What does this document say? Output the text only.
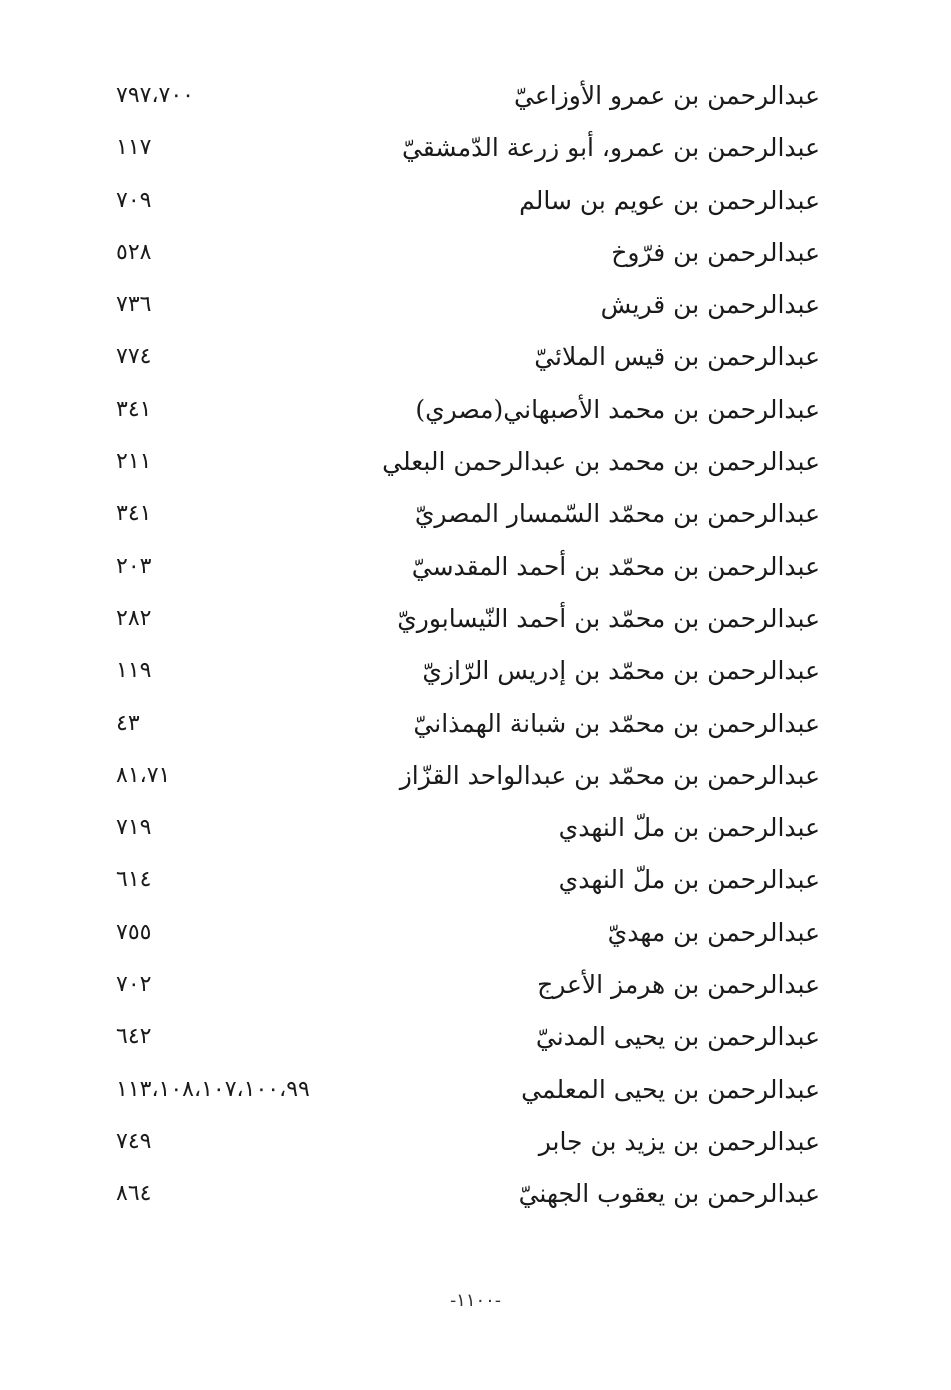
عبدالرحمن بن عمرو الأوزاعيّ
٧٩٧،٧٠٠
عبدالرحمن بن عمرو، أبو زرعة الدّمشقيّ
١١٧
عبدالرحمن بن عويم بن سالم
٧٠٩
عبدالرحمن بن فرّوخ
٥٢٨
عبدالرحمن بن قريش
٧٣٦
عبدالرحمن بن قيس الملائيّ
٧٧٤
عبدالرحمن بن محمد الأصبهاني(مصري)
٣٤١
عبدالرحمن بن محمد بن عبدالرحمن البعلي
٢١١
عبدالرحمن بن محمّد السّمسار المصريّ
٣٤١
عبدالرحمن بن محمّد بن أحمد المقدسيّ
٢٠٣
عبدالرحمن بن محمّد بن أحمد النّيسابوريّ
٢٨٢
عبدالرحمن بن محمّد بن إدريس الرّازيّ
١١٩
عبدالرحمن بن محمّد بن شبانة الهمذانيّ
٤٣
عبدالرحمن بن محمّد بن عبدالواحد القزّاز
٨١،٧١
عبدالرحمن بن ملّ النهدي
٧١٩
عبدالرحمن بن ملّ النهدي
٦١٤
عبدالرحمن بن مهديّ
٧٥٥
عبدالرحمن بن هرمز الأعرج
٧٠٢
عبدالرحمن بن يحيى المدنيّ
٦٤٢
عبدالرحمن بن يحيى المعلمي
١١٣،١٠٨،١٠٧،١٠٠،٩٩
عبدالرحمن بن يزيد بن جابر
٧٤٩
عبدالرحمن بن يعقوب الجهنيّ
٨٦٤
-١١٠٠-
